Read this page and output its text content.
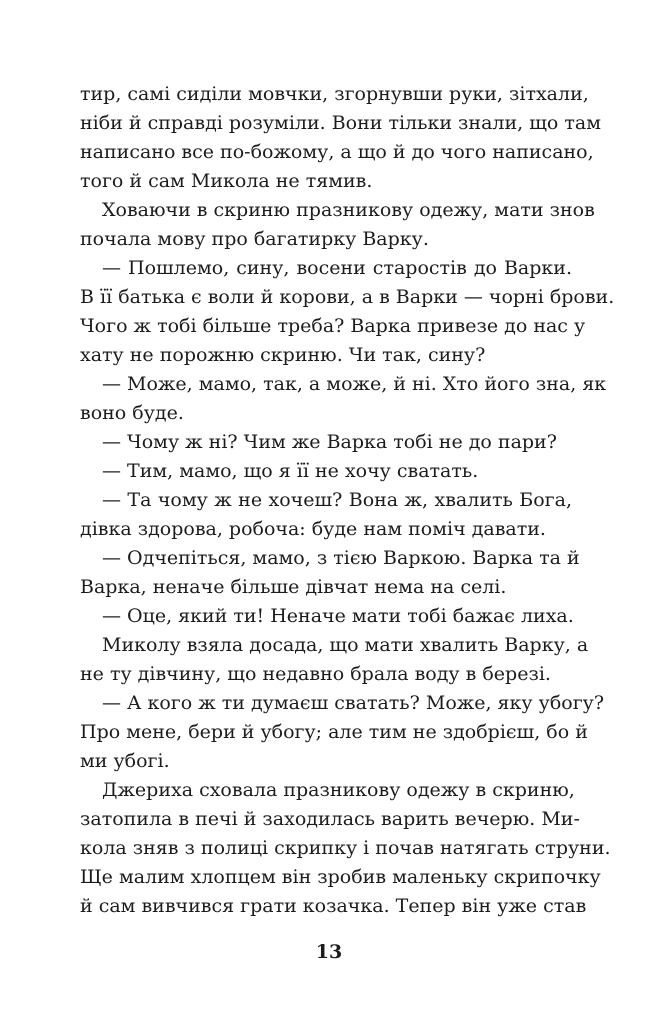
тир, самі сиділи мовчки, згорнувши руки, зітхали,
ніби й справді розуміли. Вони тільки знали, що там
написано все по-божому, а що й до чого написано,
того й сам Микола не тямив.
Ховаючи в скриню празникову одежу, мати знов
почала мову про багатирку Варку.
— Пошлемо, сину, восени старостів до Варки.
В її батька є воли й корови, а в Варки — чорні брови.
Чого ж тобі більше треба? Варка привезе до нас у
хату не порожню скриню. Чи так, сину?
— Може, мамо, так, а може, й ні. Хто його зна, як
воно буде.
— Чому ж ні? Чим же Варка тобі не до пари?
— Тим, мамо, що я її не хочу сватать.
— Та чому ж не хочеш? Вона ж, хвалить Бога,
дівка здорова, робоча: буде нам поміч давати.
— Одчепіться, мамо, з тією Варкою. Варка та й
Варка, неначе більше дівчат нема на селі.
— Оце, який ти! Неначе мати тобі бажає лиха.
Миколу взяла досада, що мати хвалить Варку, а
не ту дівчину, що недавно брала воду в березі.
— А кого ж ти думаєш сватать? Може, яку убогу?
Про мене, бери й убогу; але тим не здобрієш, бо й
ми убогі.
Джериха сховала празникову одежу в скриню,
затопила в печі й заходилась варить вечерю. Ми-
кола зняв з полиці скрипку і почав натягать струни.
Ще малим хлопцем він зробив маленьку скрипочку
й сам вивчився грати козачка. Тепер він уже став
13
